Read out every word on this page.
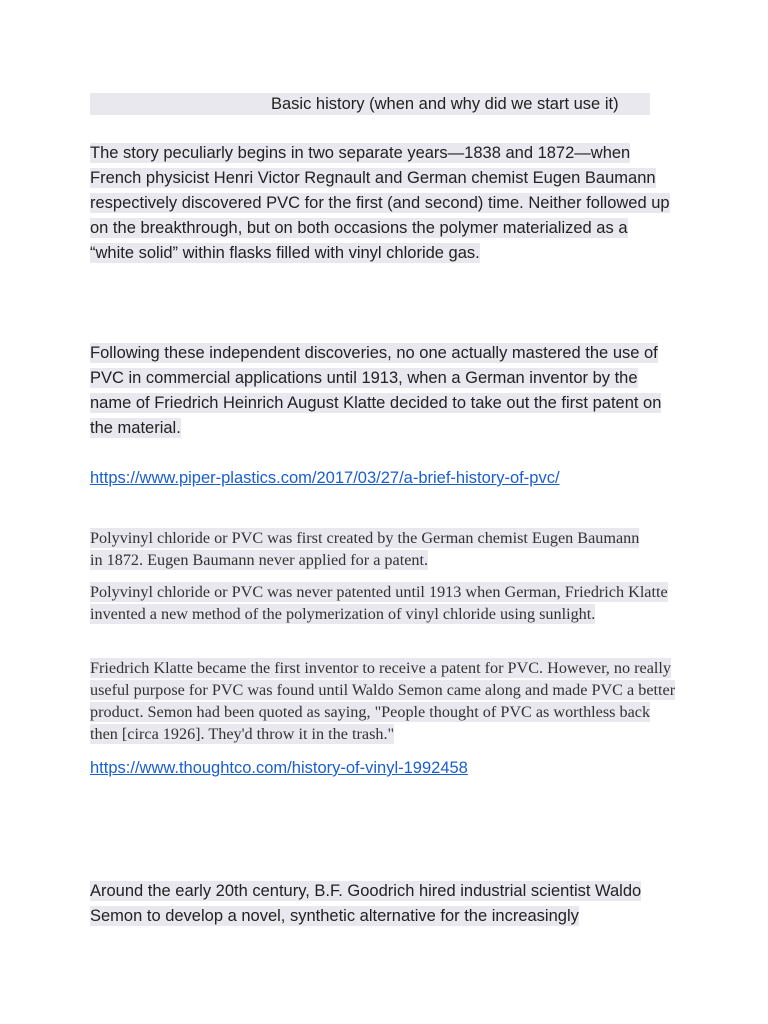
Basic history (when and why did we start use it)

The story peculiarly begins in two separate years—1838 and 1872—when French physicist Henri Victor Regnault and German chemist Eugen Baumann respectively discovered PVC for the first (and second) time. Neither followed up on the breakthrough, but on both occasions the polymer materialized as a “white solid” within flasks filled with vinyl chloride gas.

Following these independent discoveries, no one actually mastered the use of PVC in commercial applications until 1913, when a German inventor by the name of Friedrich Heinrich August Klatte decided to take out the first patent on the material.

https://www.piper-plastics.com/2017/03/27/a-brief-history-of-pvc/

Polyvinyl chloride or PVC was first created by the German chemist Eugen Baumann in 1872. Eugen Baumann never applied for a patent.

Polyvinyl chloride or PVC was never patented until 1913 when German, Friedrich Klatte invented a new method of the polymerization of vinyl chloride using sunlight.

Friedrich Klatte became the first inventor to receive a patent for PVC. However, no really useful purpose for PVC was found until Waldo Semon came along and made PVC a better product. Semon had been quoted as saying, "People thought of PVC as worthless back then [circa 1926]. They'd throw it in the trash."

https://www.thoughtco.com/history-of-vinyl-1992458

Around the early 20th century, B.F. Goodrich hired industrial scientist Waldo Semon to develop a novel, synthetic alternative for the increasingly
